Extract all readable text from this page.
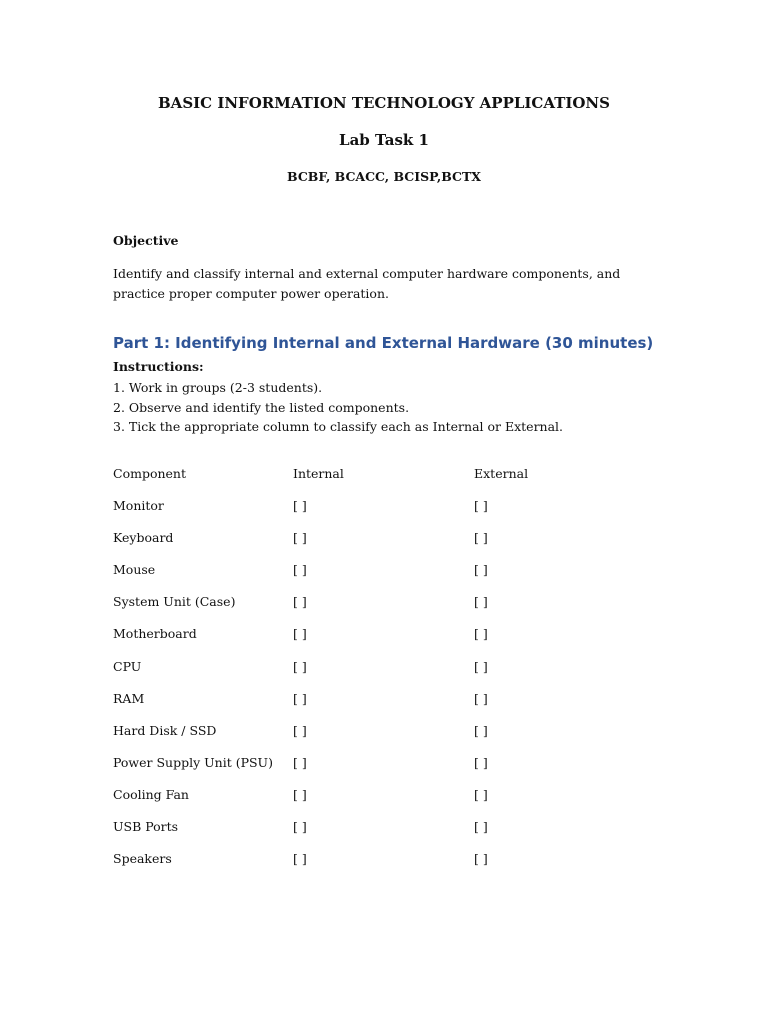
BASIC INFORMATION TECHNOLOGY APPLICATIONS
Lab Task 1

BCBF, BCACC, BCISP,BCTX

Objective

Identify and classify internal and external computer hardware components, and practice proper computer power operation.

Part 1: Identifying Internal and External Hardware (30 minutes)

Instructions:

1. Work in groups (2-3 students).
2. Observe and identify the listed components.
3. Tick the appropriate column to classify each as Internal or External.
Component	Internal	External
Monitor	[ ]	[ ]
Keyboard	[ ]	[ ]
Mouse	[ ]	[ ]
System Unit (Case)	[ ]	[ ]
Motherboard	[ ]	[ ]
CPU	[ ]	[ ]
RAM	[ ]	[ ]
Hard Disk / SSD	[ ]	[ ]
Power Supply Unit (PSU) [ ]	[ ]
Cooling Fan	[ ]	[ ]
USB Ports	[ ]	[ ]
Speakers	[ ]	[ ]
